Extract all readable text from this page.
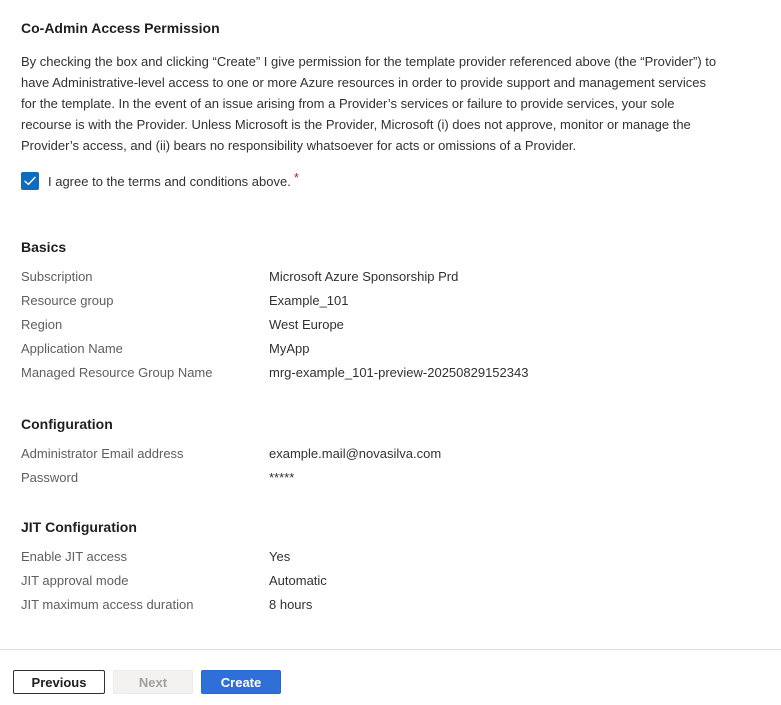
Co-Admin Access Permission
By checking the box and clicking “Create” I give permission for the template provider referenced above (the “Provider”) to have Administrative-level access to one or more Azure resources in order to provide support and management services for the template. In the event of an issue arising from a Provider’s services or failure to provide services, your sole recourse is with the Provider. Unless Microsoft is the Provider, Microsoft (i) does not approve, monitor or manage the Provider’s access, and (ii) bears no responsibility whatsoever for acts or omissions of a Provider.
I agree to the terms and conditions above. *
Basics
Subscription	Microsoft Azure Sponsorship Prd
Resource group	Example_101
Region	West Europe
Application Name	MyApp
Managed Resource Group Name	mrg-example_101-preview-20250829152343
Configuration
Administrator Email address	example.mail@novasilva.com
Password	*****
JIT Configuration
Enable JIT access	Yes
JIT approval mode	Automatic
JIT maximum access duration	8 hours
Previous	Next	Create
